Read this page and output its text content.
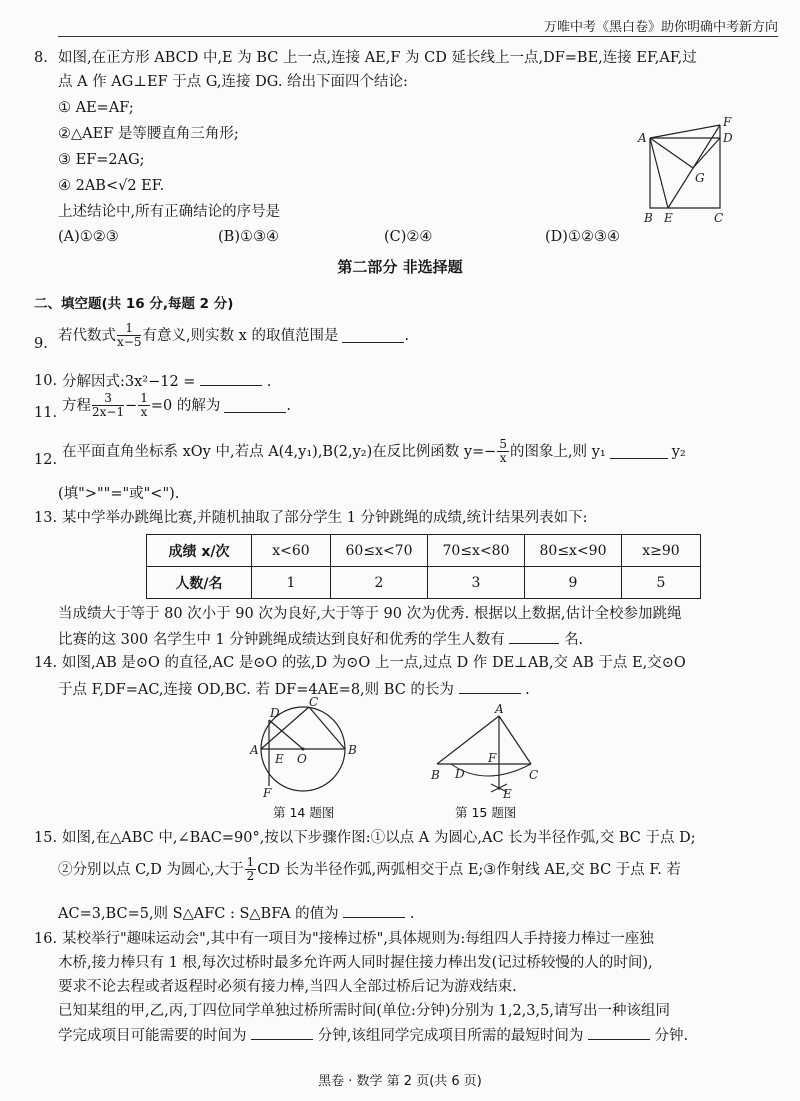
万唯中考《黑白卷》助你明确中考新方向
8. 如图,在正方形 ABCD 中,E 为 BC 上一点,连接 AE,F 为 CD 延长线上一点,DF=BE,连接 EF,AF,过
点 A 作 AG⊥EF 于点 G,连接 DG. 给出下面四个结论:
① AE=AF;
②△AEF 是等腰直角三角形;
③ EF=2AG;
④ 2AB<√2 EF.
上述结论中,所有正确结论的序号是
(A)①②③	(B)①③④	(C)②④	(D)①②③④
A
F
D
G
B E	C
第二部分 非选择题
二、填空题(共 16 分,每题 2 分)
9.
若代数式 $\frac{1}{x-5}$ 有意义,则实数 x 的取值范围是	.
10. 分解因式:3x²−12 =	.
11. 方程 $\frac{3}{2x-1} - \frac{1}{x} =0$ 的解为	.
12.
在平面直角坐标系 xOy 中,若点 A(4,y₁),B(2,y₂)在反比例函数 $y=- \frac{5}{x}$ 的图象上,则 y₁	y₂
(填">""="或"<").
13. 某中学举办跳绳比赛,并随机抽取了部分学生 1 分钟跳绳的成绩,统计结果列表如下:
成绩 x/次	x<60	60≤x<70	70≤x<80	80≤x<90	x≥90
人数/名	1	2	3	9	5
当成绩大于等于 80 次小于 90 次为良好,大于等于 90 次为优秀. 根据以上数据,估计全校参加跳绳
比赛的这 300 名学生中 1 分钟跳绳成绩达到良好和优秀的学生人数有	名.
14. 如图,AB 是⊙O 的直径,AC 是⊙O 的弦,D 为⊙O 上一点,过点 D 作 DE⊥AB,交 AB 于点 E,交⊙O
于点 F,DF=AC,连接 OD,BC. 若 DF=4AE=8,则 BC 的长为	.
D
C
A
E O
B
F
第 14 题图
A
B D
F
C
E
第 15 题图
15. 如图,在△ABC 中,∠BAC=90°,按以下步骤作图:①以点 A 为圆心,AC 长为半径作弧,交 BC 于点 D;
②分别以点 C,D 为圆心,大于 $\frac{1}{2}$ CD 长为半径作弧,两弧相交于点 E;③作射线 AE,交 BC 于点 F. 若
AC=3,BC=5,则 S△AFC : S△BFA 的值为	.
16. 某校举行"趣味运动会",其中有一项目为"接棒过桥",具体规则为:每组四人手持接力棒过一座独
木桥,接力棒只有 1 根,每次过桥时最多允许两人同时握住接力棒出发(记过桥较慢的人的时间),
要求不论去程或者返程时必须有接力棒,当四人全部过桥后记为游戏结束.
已知某组的甲,乙,丙,丁四位同学单独过桥所需时间(单位:分钟)分别为 1,2,3,5,请写出一种该组同
学完成项目可能需要的时间为	分钟,该组同学完成项目所需的最短时间为	分钟.
黑卷 · 数学 第 2 页(共 6 页)
